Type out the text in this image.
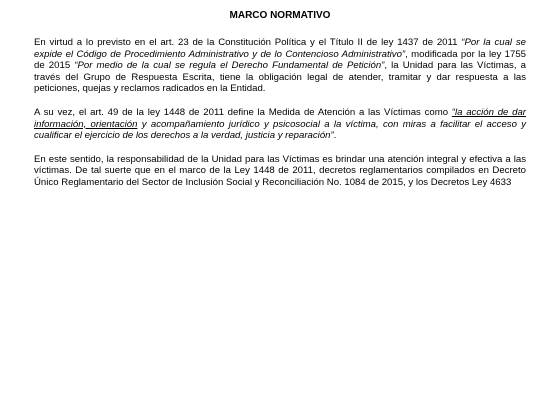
MARCO NORMATIVO

En virtud a lo previsto en el art. 23 de la Constitución Política y el Título II de ley 1437 de 2011 “Por la cual se expide el Código de Procedimiento Administrativo y de lo Contencioso Administrativo”, modificada por la ley 1755 de 2015 “Por medio de la cual se regula el Derecho Fundamental de Petición”, la Unidad para las Víctimas, a través del Grupo de Respuesta Escrita, tiene la obligación legal de atender, tramitar y dar respuesta a las peticiones, quejas y reclamos radicados en la Entidad.

A su vez, el art. 49 de la ley 1448 de 2011 define la Medida de Atención a las Víctimas como “la acción de dar información, orientación y acompañamiento jurídico y psicosocial a la víctima, con miras a facilitar el acceso y cualificar el ejercicio de los derechos a la verdad, justicia y reparación”.

En este sentido, la responsabilidad de la Unidad para las Víctimas es brindar una atención integral y efectiva a las víctimas. De tal suerte que en el marco de la Ley 1448 de 2011, decretos reglamentarios compilados en Decreto Único Reglamentario del Sector de Inclusión Social y Reconciliación No. 1084 de 2015, y los Decretos Ley 4633
